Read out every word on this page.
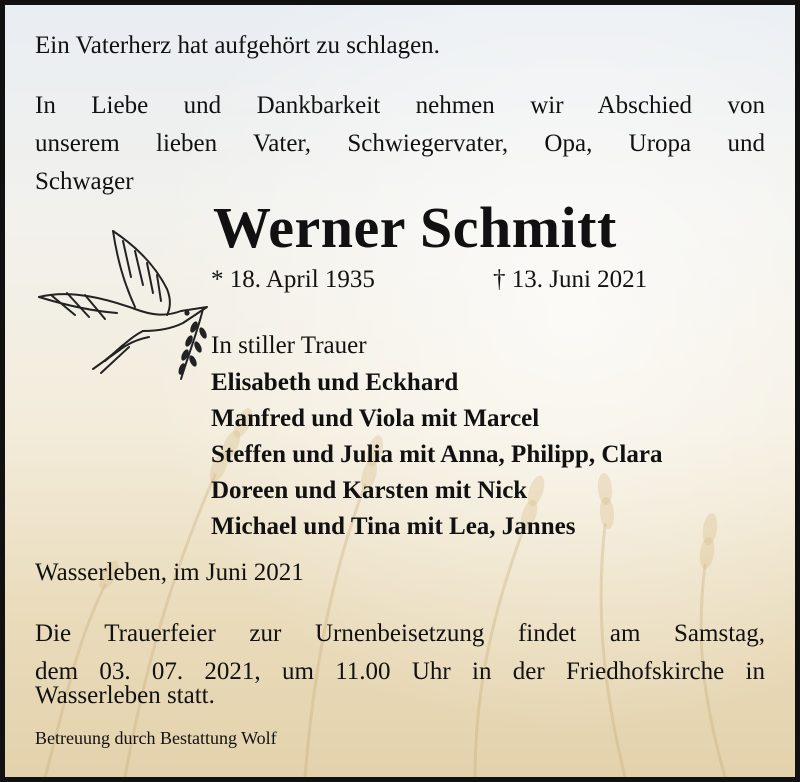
Ein Vaterherz hat aufgehört zu schlagen.

In Liebe und Dankbarkeit nehmen wir Abschied von
unserem lieben Vater, Schwiegervater, Opa, Uropa und
Schwager
Werner Schmitt
* 18. April 1935	† 13. Juni 2021
In stiller Trauer
Elisabeth und Eckhard
Manfred und Viola mit Marcel
Steffen und Julia mit Anna, Philipp, Clara
Doreen und Karsten mit Nick
Michael und Tina mit Lea, Jannes
Wasserleben, im Juni 2021
Die Trauerfeier zur Urnenbeisetzung findet am Samstag,
dem 03. 07. 2021, um 11.00 Uhr in der Friedhofskirche in
Wasserleben statt.
Betreuung durch Bestattung Wolf
